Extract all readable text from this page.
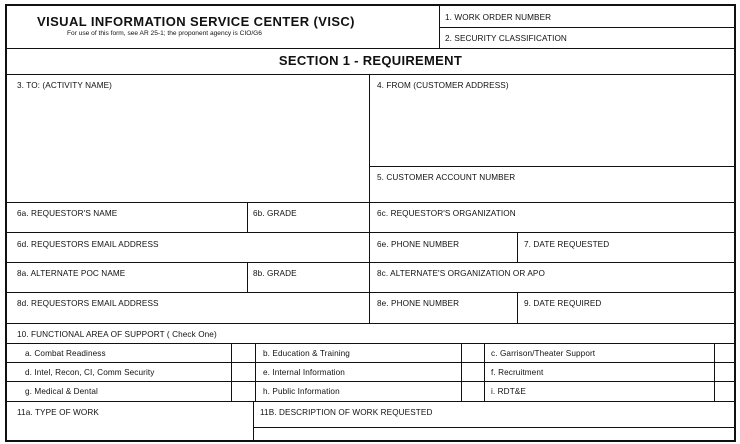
VISUAL INFORMATION SERVICE CENTER (VISC)
For use of this form, see AR 25-1; the proponent agency is CIO/G6
1. WORK ORDER NUMBER
2. SECURITY CLASSIFICATION
SECTION 1 - REQUIREMENT
3. TO: (ACTIVITY NAME)	4. FROM (CUSTOMER ADDRESS)
5. CUSTOMER ACCOUNT NUMBER
6a. REQUESTOR'S NAME	6b. GRADE	6c. REQUESTOR'S ORGANIZATION
6d. REQUESTORS EMAIL ADDRESS	6e. PHONE NUMBER	7. DATE REQUESTED
8a. ALTERNATE POC NAME	8b. GRADE	8c. ALTERNATE'S ORGANIZATION OR APO
8d. REQUESTORS EMAIL ADDRESS	8e. PHONE NUMBER	9. DATE REQUIRED
10. FUNCTIONAL AREA OF SUPPORT ( Check One)
a. Combat Readiness	b. Education & Training	c. Garrison/Theater Support
d. Intel, Recon, CI, Comm Security	e. Internal Information	f. Recruitment
g. Medical & Dental	h. Public Information	i. RDT&E
11a. TYPE OF WORK	11B. DESCRIPTION OF WORK REQUESTED
